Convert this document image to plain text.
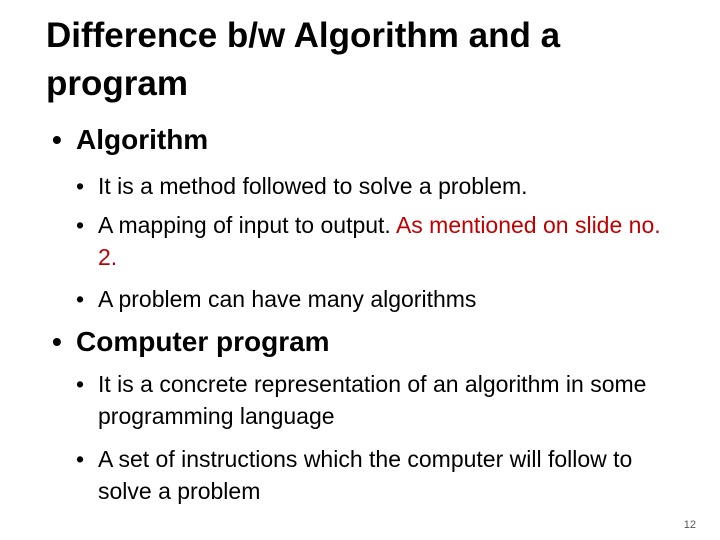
Difference b/w Algorithm and a program
• Algorithm
• It is a method followed to solve a problem.
• A mapping of input to output. As mentioned on slide no. 2.
• A problem can have many algorithms
• Computer program
• It is a concrete representation of an algorithm in some programming language
• A set of instructions which the computer will follow to solve a problem
12
